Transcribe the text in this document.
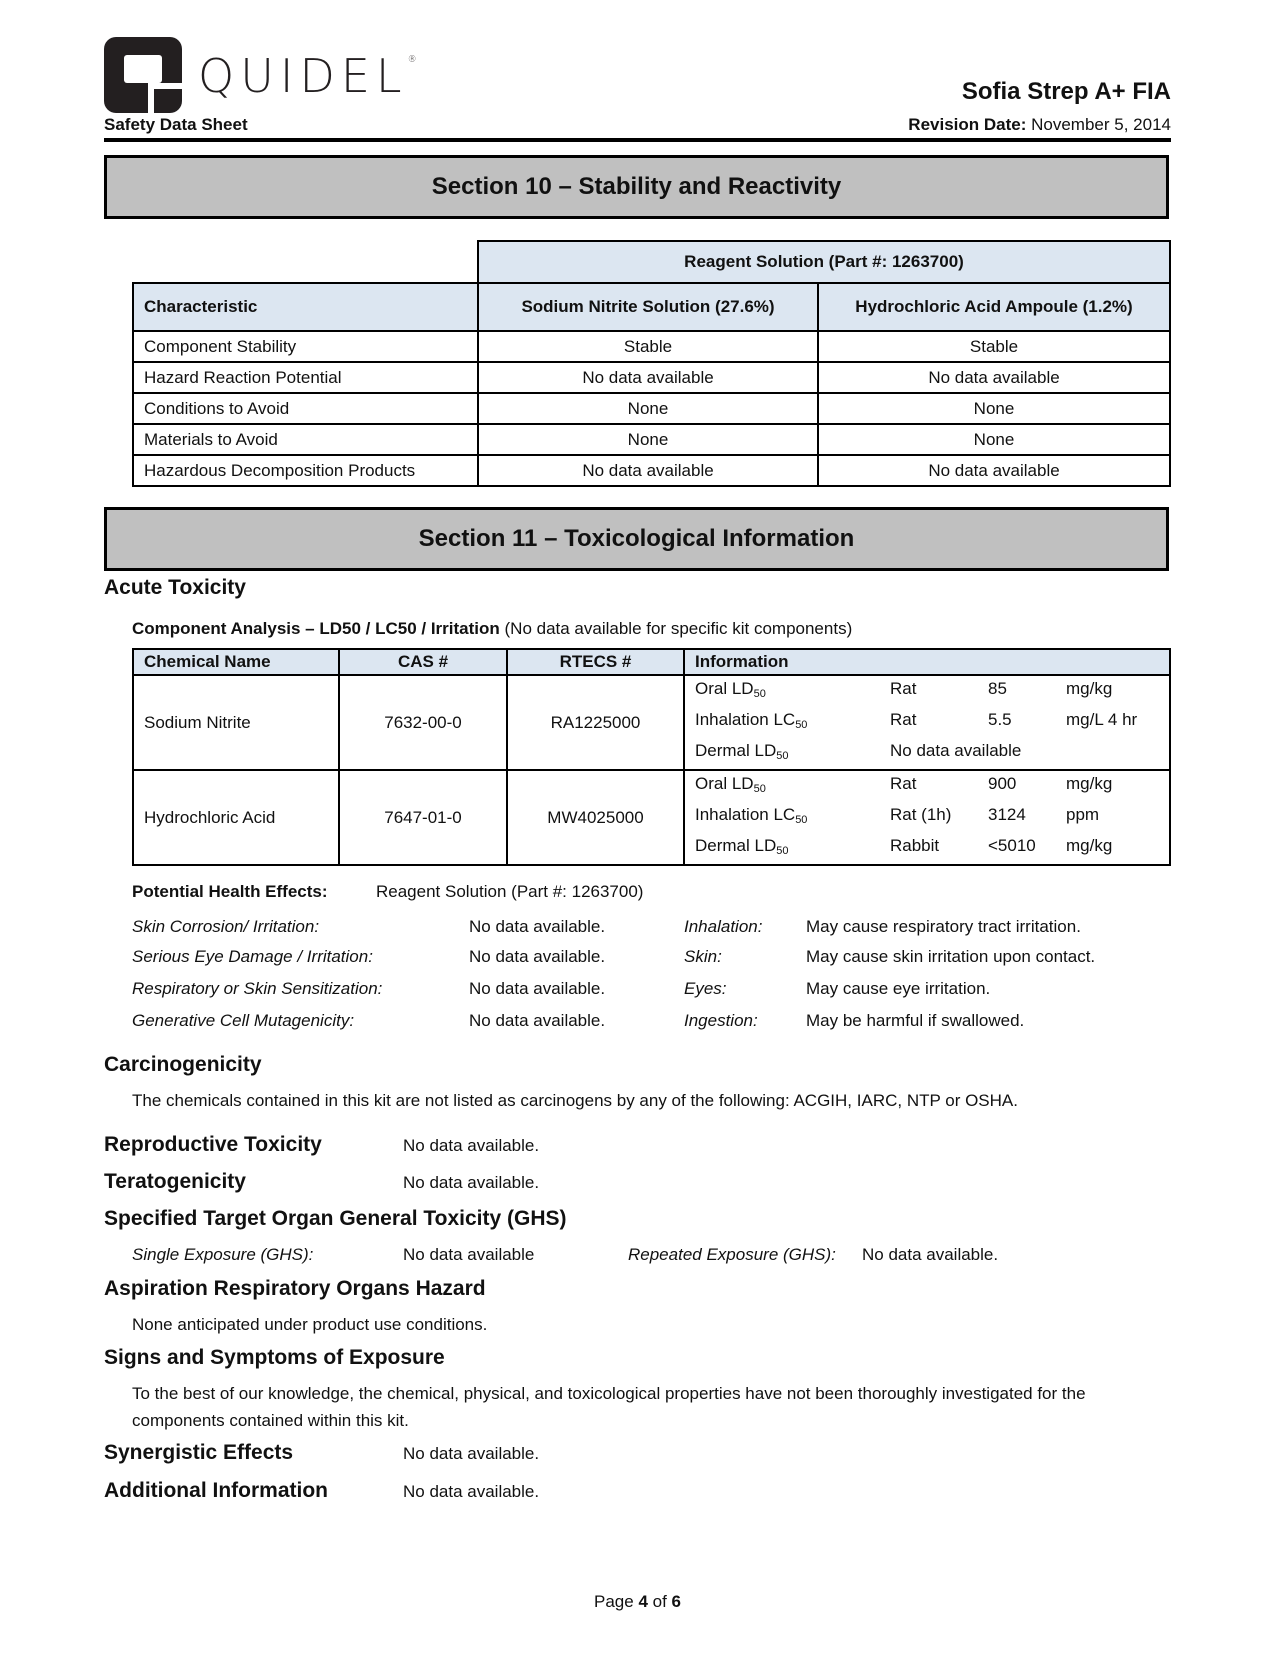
QUIDEL®
Safety Data Sheet
Sofia Strep A+ FIA
Revision Date: November 5, 2014
Section 10 – Stability and Reactivity
	Reagent Solution (Part #: 1263700)	
Characteristic	Sodium Nitrite Solution (27.6%)	Hydrochloric Acid Ampoule (1.2%)
Component Stability	Stable	Stable
Hazard Reaction Potential	No data available	No data available
Conditions to Avoid	None	None
Materials to Avoid	None	None
Hazardous Decomposition Products	No data available	No data available
Section 11 – Toxicological Information
Acute Toxicity
Component Analysis – LD50 / LC50 / Irritation (No data available for specific kit components)
Chemical Name	CAS #	RTECS #	Information
Sodium Nitrite	7632-00-0	RA1225000	
Oral $LD_{50}$	Rat	85	mg/kg
Inhalation $LC_{50}$	Rat	5.5	mg/L 4 hr
Dermal $LD_{50}$	No data available

Hydrochloric Acid	7647-01-0	MW4025000	
Oral $LD_{50}$	Rat	900	mg/kg
Inhalation $LC_{50}$	Rat (1h)	3124	ppm
Dermal $LD_{50}$	Rabbit	<5010	mg/kg
Potential Health Effects:	Reagent Solution (Part #: 1263700)
Skin Corrosion/ Irritation:	No data available.	Inhalation:	May cause respiratory tract irritation.
Serious Eye Damage / Irritation:	No data available.	Skin:	May cause skin irritation upon contact.
Respiratory or Skin Sensitization:	No data available.	Eyes:	May cause eye irritation.
Generative Cell Mutagenicity:	No data available.	Ingestion:	May be harmful if swallowed.
Carcinogenicity
The chemicals contained in this kit are not listed as carcinogens by any of the following: ACGIH, IARC, NTP or OSHA.
Reproductive Toxicity	No data available.
Teratogenicity	No data available.
Specified Target Organ General Toxicity (GHS)
Single Exposure (GHS):	No data available	Repeated Exposure (GHS): No data available.
Aspiration Respiratory Organs Hazard
None anticipated under product use conditions.
Signs and Symptoms of Exposure
To the best of our knowledge, the chemical, physical, and toxicological properties have not been thoroughly investigated for the components contained within this kit.
Synergistic Effects	No data available.
Additional Information	No data available.
Page 4 of 6
